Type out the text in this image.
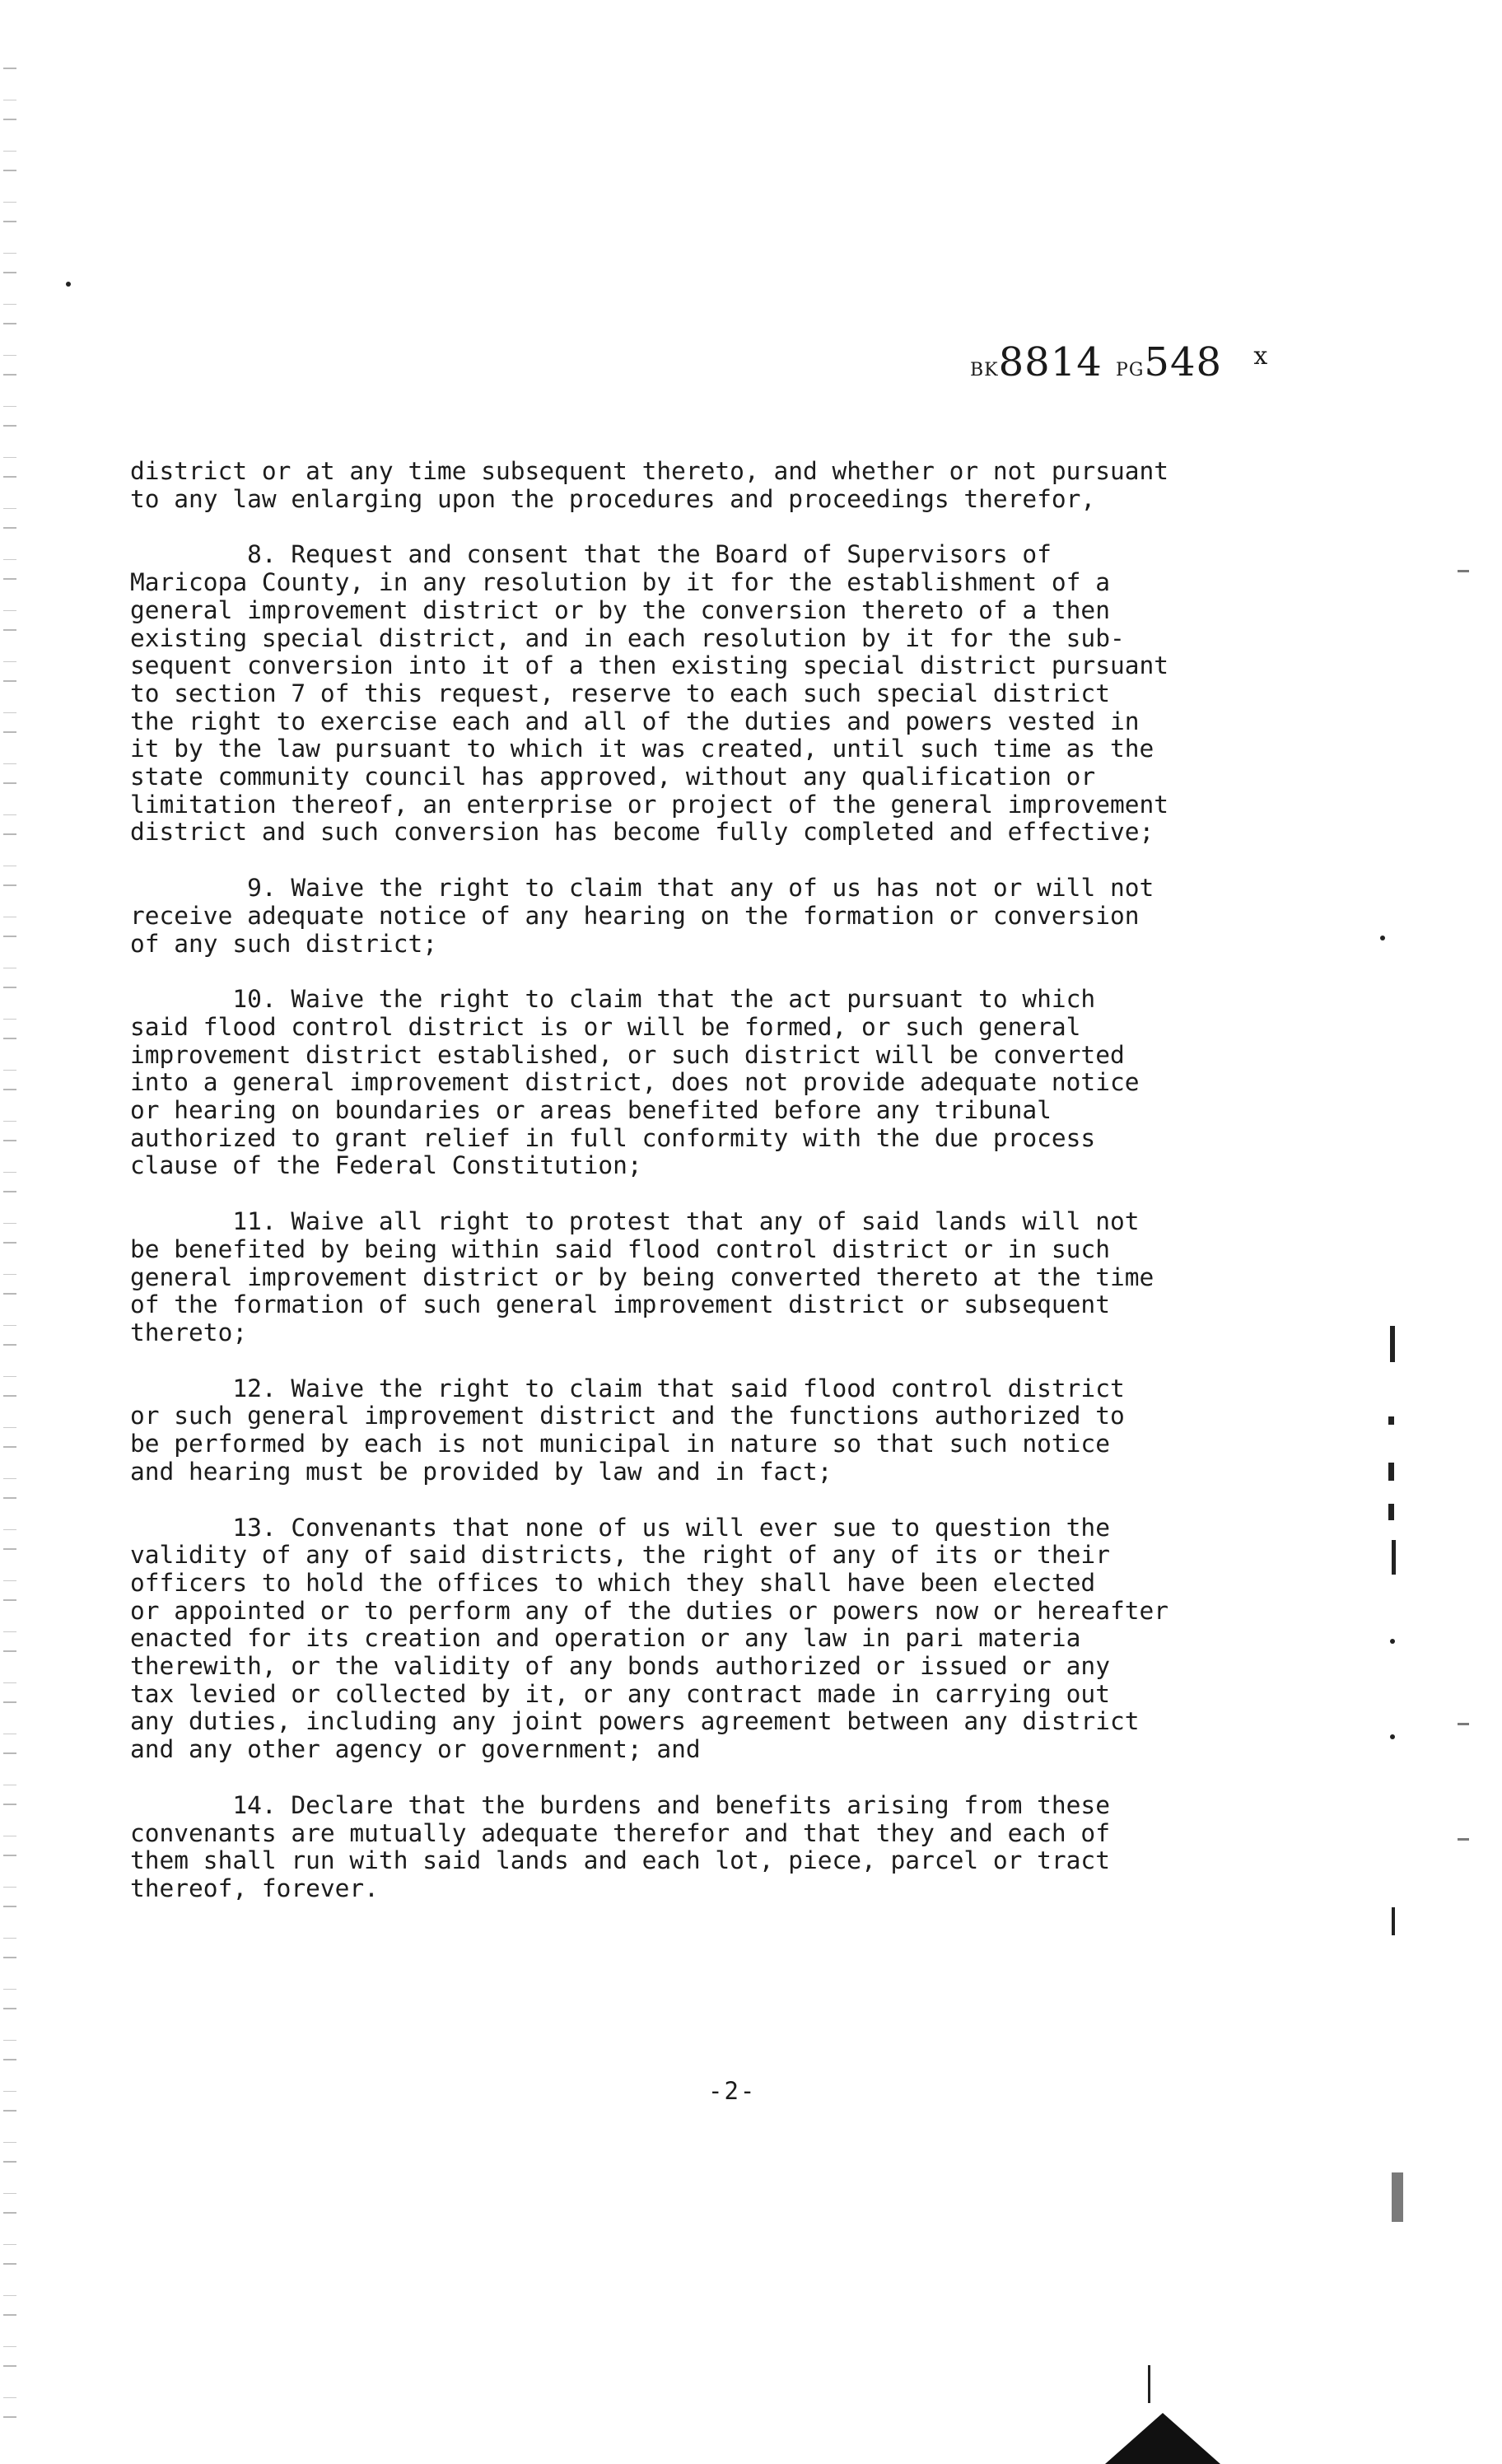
BK8814 PG548 $^x$
district or at any time subsequent thereto, and whether or not pursuant
to any law enlarging upon the procedures and proceedings therefor,
8. Request and consent that the Board of Supervisors of
Maricopa County, in any resolution by it for the establishment of a
general improvement district or by the conversion thereto of a then
existing special district, and in each resolution by it for the sub-
sequent conversion into it of a then existing special district pursuant
to section 7 of this request, reserve to each such special district
the right to exercise each and all of the duties and powers vested in
it by the law pursuant to which it was created, until such time as the
state community council has approved, without any qualification or
limitation thereof, an enterprise or project of the general improvement
district and such conversion has become fully completed and effective;
9. Waive the right to claim that any of us has not or will not
receive adequate notice of any hearing on the formation or conversion
of any such district;
10. Waive the right to claim that the act pursuant to which
said flood control district is or will be formed, or such general
improvement district established, or such district will be converted
into a general improvement district, does not provide adequate notice
or hearing on boundaries or areas benefited before any tribunal
authorized to grant relief in full conformity with the due process
clause of the Federal Constitution;
11. Waive all right to protest that any of said lands will not
be benefited by being within said flood control district or in such
general improvement district or by being converted thereto at the time
of the formation of such general improvement district or subsequent
thereto;
12. Waive the right to claim that said flood control district
or such general improvement district and the functions authorized to
be performed by each is not municipal in nature so that such notice
and hearing must be provided by law and in fact;
13. Convenants that none of us will ever sue to question the
validity of any of said districts, the right of any of its or their
officers to hold the offices to which they shall have been elected
or appointed or to perform any of the duties or powers now or hereafter
enacted for its creation and operation or any law in pari materia
therewith, or the validity of any bonds authorized or issued or any
tax levied or collected by it, or any contract made in carrying out
any duties, including any joint powers agreement between any district
and any other agency or government; and
14. Declare that the burdens and benefits arising from these
convenants are mutually adequate therefor and that they and each of
them shall run with said lands and each lot, piece, parcel or tract
thereof, forever.
-2-
